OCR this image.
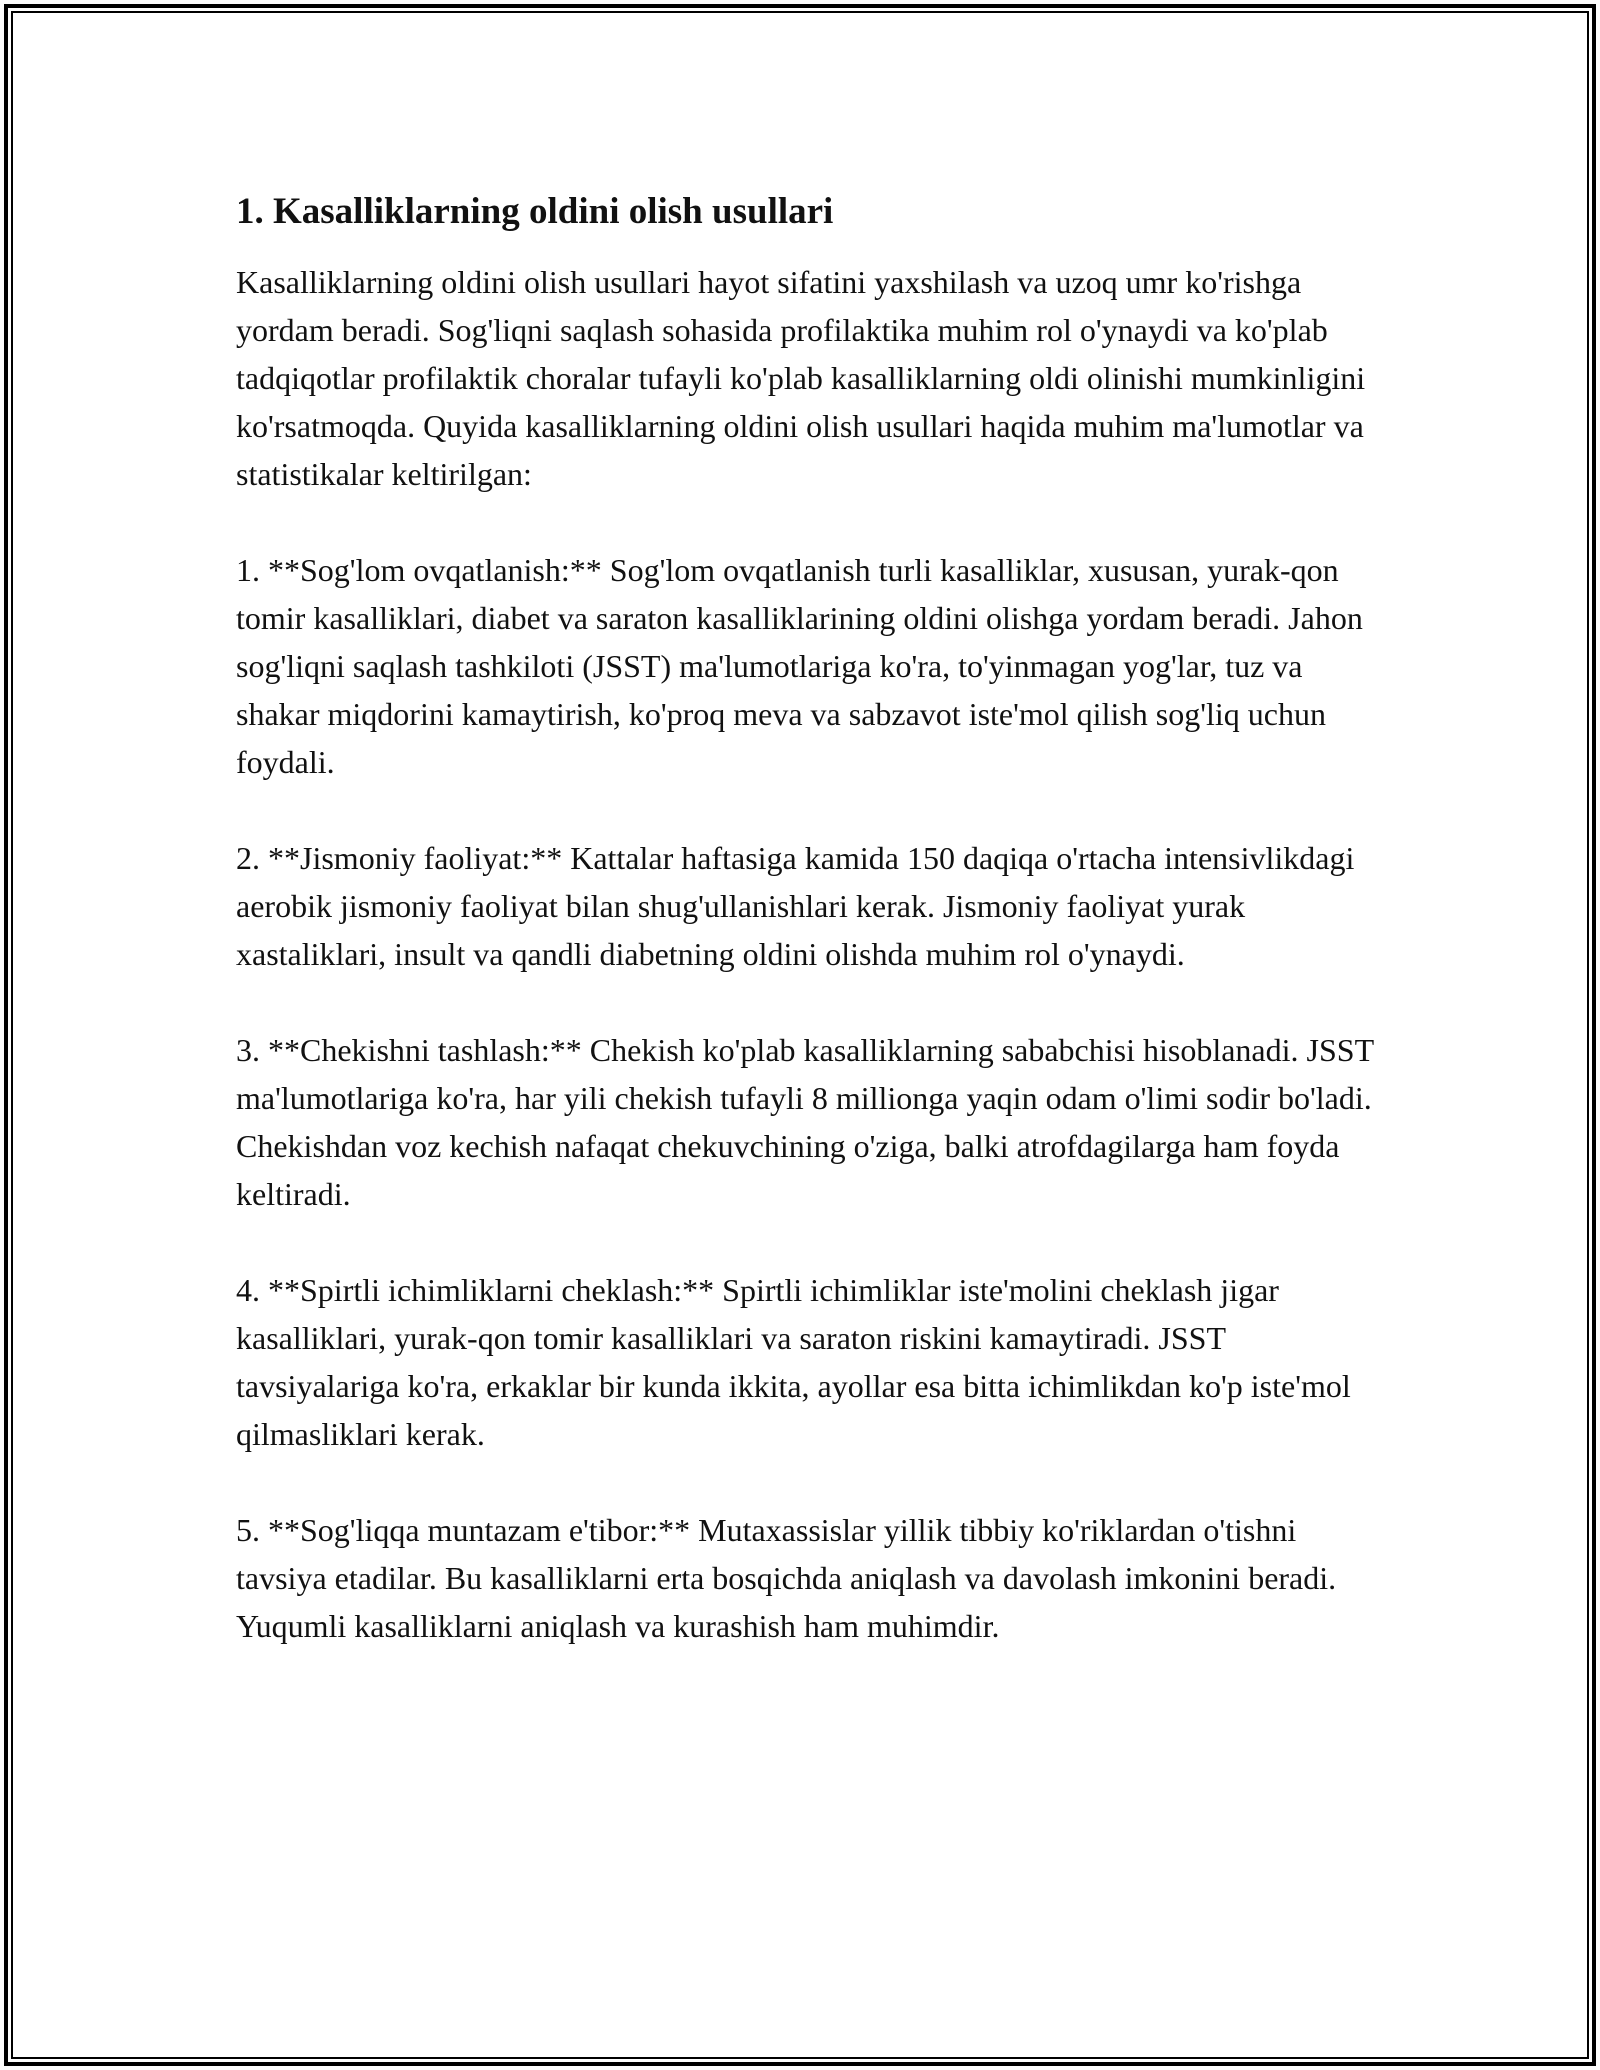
1. Kasalliklarning oldini olish usullari

Kasalliklarning oldini olish usullari hayot sifatini yaxshilash va uzoq umr ko'rishga yordam beradi. Sog'liqni saqlash sohasida profilaktika muhim rol o'ynaydi va ko'plab tadqiqotlar profilaktik choralar tufayli ko'plab kasalliklarning oldi olinishi mumkinligini ko'rsatmoqda. Quyida kasalliklarning oldini olish usullari haqida muhim ma'lumotlar va statistikalar keltirilgan:

1. **Sog'lom ovqatlanish:** Sog'lom ovqatlanish turli kasalliklar, xususan, yurak-qon tomir kasalliklari, diabet va saraton kasalliklarining oldini olishga yordam beradi. Jahon sog'liqni saqlash tashkiloti (JSST) ma'lumotlariga ko'ra, to'yinmagan yog'lar, tuz va shakar miqdorini kamaytirish, ko'proq meva va sabzavot iste'mol qilish sog'liq uchun foydali.

2. **Jismoniy faoliyat:** Kattalar haftasiga kamida 150 daqiqa o'rtacha intensivlikdagi aerobik jismoniy faoliyat bilan shug'ullanishlari kerak. Jismoniy faoliyat yurak xastaliklari, insult va qandli diabetning oldini olishda muhim rol o'ynaydi.

3. **Chekishni tashlash:** Chekish ko'plab kasalliklarning sababchisi hisoblanadi. JSST ma'lumotlariga ko'ra, har yili chekish tufayli 8 millionga yaqin odam o'limi sodir bo'ladi. Chekishdan voz kechish nafaqat chekuvchining o'ziga, balki atrofdagilarga ham foyda keltiradi.

4. **Spirtli ichimliklarni cheklash:** Spirtli ichimliklar iste'molini cheklash jigar kasalliklari, yurak-qon tomir kasalliklari va saraton riskini kamaytiradi. JSST tavsiyalariga ko'ra, erkaklar bir kunda ikkita, ayollar esa bitta ichimlikdan ko'p iste'mol qilmasliklari kerak.

5. **Sog'liqqa muntazam e'tibor:** Mutaxassislar yillik tibbiy ko'riklardan o'tishni tavsiya etadilar. Bu kasalliklarni erta bosqichda aniqlash va davolash imkonini beradi. Yuqumli kasalliklarni aniqlash va kurashish ham muhimdir.
